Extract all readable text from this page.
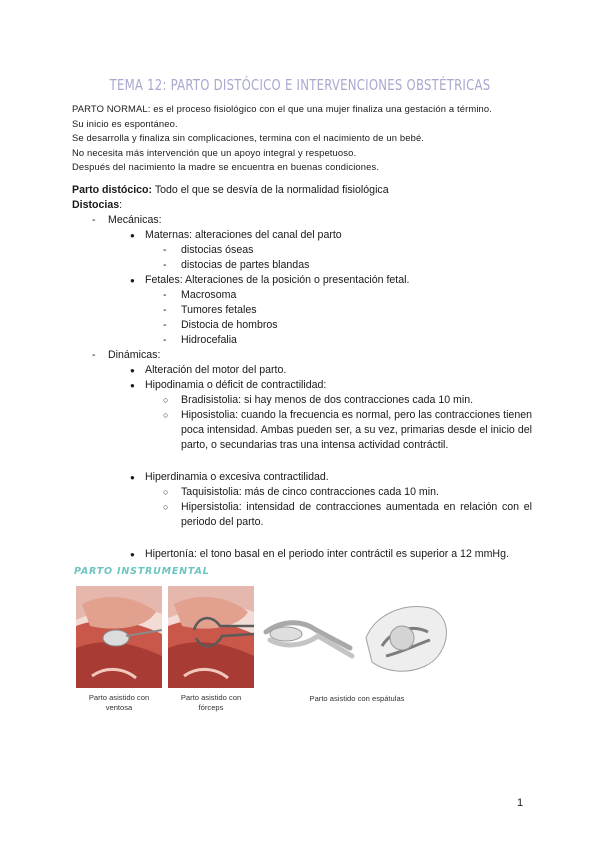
TEMA 12: PARTO DISTÓCICO E INTERVENCIONES OBSTÉTRICAS
PARTO NORMAL: es el proceso fisiológico con el que una mujer finaliza una gestación a término.
Su inicio es espontáneo.
Se desarrolla y finaliza sin complicaciones, termina con el nacimiento de un bebé.
No necesita más intervención que un apoyo integral y respetuoso.
Después del nacimiento la madre se encuentra en buenas condiciones.
Parto distócico: Todo el que se desvía de la normalidad fisiológica
Distocias:
- Mecánicas:
● Maternas: alteraciones del canal del parto
- distocias óseas
- distocias de partes blandas
● Fetales: Alteraciones de la posición o presentación fetal.
- Macrosoma
- Tumores fetales
- Distocia de hombros
- Hidrocefalia
- Dinámicas:
● Alteración del motor del parto.
● Hipodinamia o déficit de contractilidad:
○ Bradisistolia: si hay menos de dos contracciones cada 10 min.
○ Hiposistolia: cuando la frecuencia es normal, pero las contracciones tienen poca intensidad. Ambas pueden ser, a su vez, primarias desde el inicio del parto, o secundarias tras una intensa actividad contráctil.
● Hiperdinamia o excesiva contractilidad.
○ Taquisistolia: más de cinco contracciones cada 10 min.
○ Hipersistolia: intensidad de contracciones aumentada en relación con el periodo del parto.
● Hipertonía: el tono basal en el periodo inter contráctil es superior a 12 mmHg.
PARTO INSTRUMENTAL
Parto asistido con ventosa
Parto asistido con fórceps
Parto asistido con espátulas
1
